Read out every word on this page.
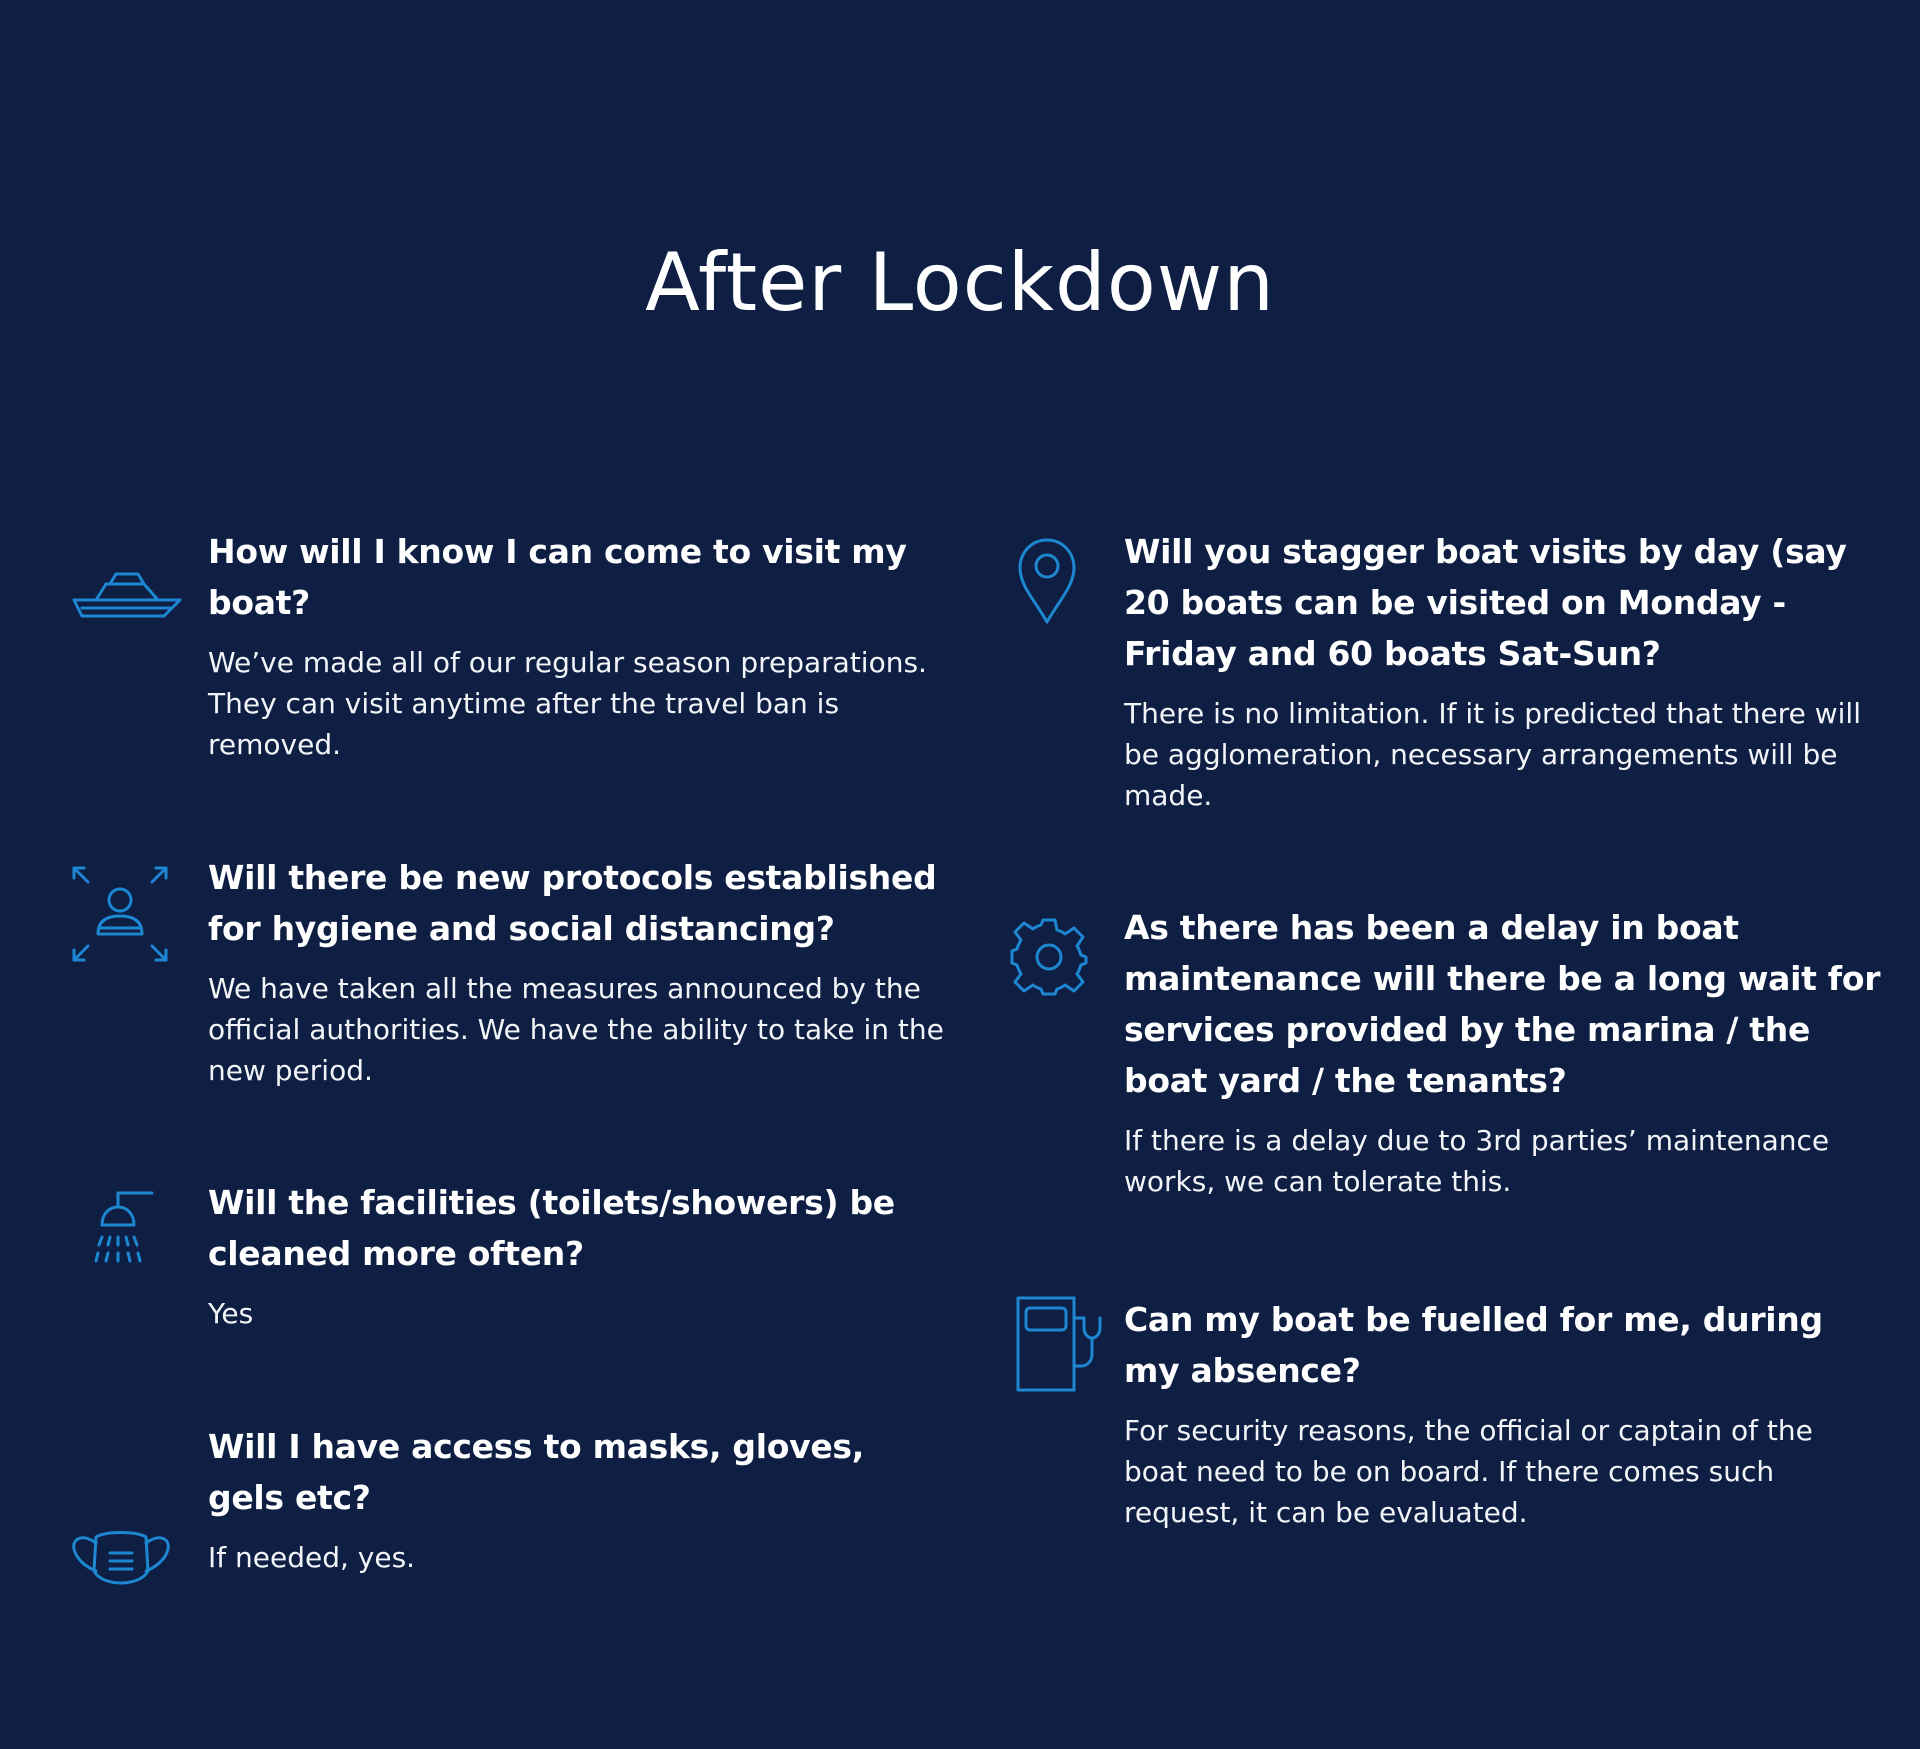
After Lockdown

How will I know I can come to visit my boat?

We’ve made all of our regular season preparations. They can visit anytime after the travel ban is removed.

Will there be new protocols established for hygiene and social distancing?

We have taken all the measures announced by the official authorities. We have the ability to take in the new period.

Will the facilities (toilets/showers) be cleaned more often?

Yes

Will I have access to masks, gloves, gels etc?

If needed, yes.

Will you stagger boat visits by day (say 20 boats can be visited on Monday -Friday and 60 boats Sat-Sun?

There is no limitation. If it is predicted that there will be agglomeration, necessary arrangements will be made.

As there has been a delay in boat maintenance will there be a long wait for services provided by the marina / the boat yard / the tenants?

If there is a delay due to 3rd parties’ maintenance works, we can tolerate this.

Can my boat be fuelled for me, during my absence?

For security reasons, the official or captain of the boat need to be on board. If there comes such request, it can be evaluated.
